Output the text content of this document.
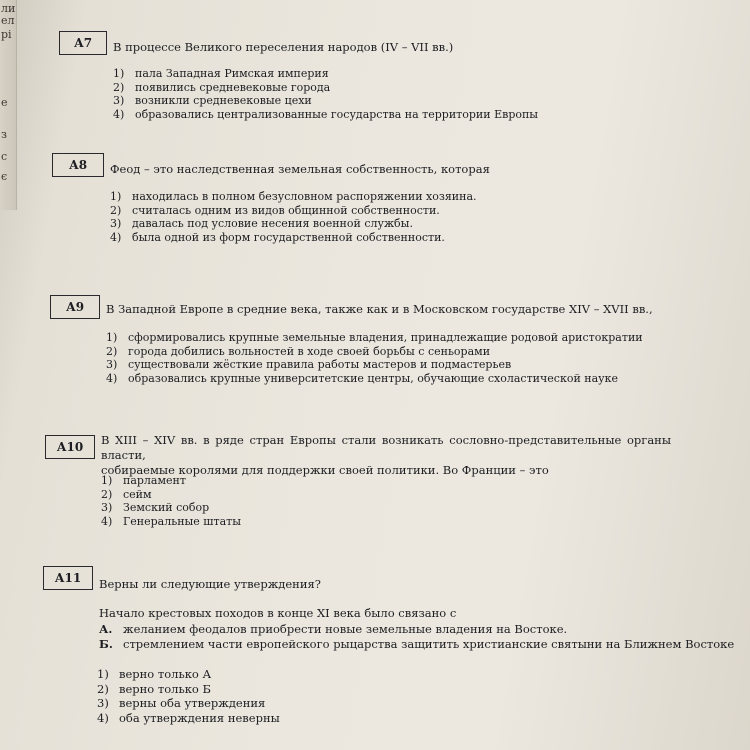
ли
ел
рі
е
з
с
є
А7	В процессе Великого переселения народов (IV – VII вв.)
1) пала Западная Римская империя
2) появились средневековые города
3) возникли средневековые цехи
4) образовались централизованные государства на территории Европы
А8	Феод – это наследственная земельная собственность, которая
1) находилась в полном безусловном распоряжении хозяина.
2) считалась одним из видов общинной собственности.
3) давалась под условие несения военной службы.
4) была одной из форм государственной собственности.
А9	В Западной Европе в средние века, также как и в Московском государстве XIV – XVII вв.,
1) сформировались крупные земельные владения, принадлежащие родовой аристократии
2) города добились вольностей в ходе своей борьбы с сеньорами
3) существовали жёсткие правила работы мастеров и подмастерьев
4) образовались крупные университетские центры, обучающие схоластической науке
А10	В XIII – XIV вв. в ряде стран Европы стали возникать сословно-представительные органы власти,
собираемые королями для поддержки своей политики. Во Франции – это
1) парламент
2) сейм
3) Земский собор
4) Генеральные штаты
А11	Верны ли следующие утверждения?
Начало крестовых походов в конце XI века было связано с
А. желанием феодалов приобрести новые земельные владения на Востоке.
Б. стремлением части европейского рыцарства защитить христианские святыни на Ближнем Востоке
1) верно только А
2) верно только Б
3) верны оба утверждения
4) оба утверждения неверны
